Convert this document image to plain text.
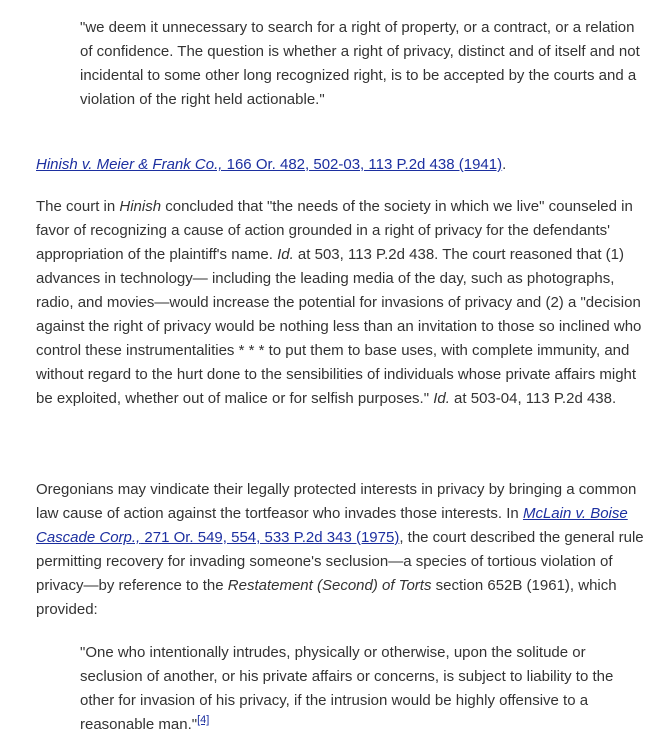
"we deem it unnecessary to search for a right of property, or a contract, or a relation of confidence. The question is whether a right of privacy, distinct and of itself and not incidental to some other long recognized right, is to be accepted by the courts and a violation of the right held actionable."

Hinish v. Meier & Frank Co., 166 Or. 482, 502-03, 113 P.2d 438 (1941).

The court in Hinish concluded that "the needs of the society in which we live" counseled in favor of recognizing a cause of action grounded in a right of privacy for the defendants' appropriation of the plaintiff's name. Id. at 503, 113 P.2d 438. The court reasoned that (1) advances in technology— including the leading media of the day, such as photographs, radio, and movies—would increase the potential for invasions of privacy and (2) a "decision against the right of privacy would be nothing less than an invitation to those so inclined who control these instrumentalities * * * to put them to base uses, with complete immunity, and without regard to the hurt done to the sensibilities of individuals whose private affairs might be exploited, whether out of malice or for selfish purposes." Id. at 503-04, 113 P.2d 438.

Oregonians may vindicate their legally protected interests in privacy by bringing a common law cause of action against the tortfeasor who invades those interests. In McLain v. Boise Cascade Corp., 271 Or. 549, 554, 533 P.2d 343 (1975), the court described the general rule permitting recovery for invading someone's seclusion—a species of tortious violation of privacy—by reference to the Restatement (Second) of Torts section 652B (1961), which provided:

"One who intentionally intrudes, physically or otherwise, upon the solitude or seclusion of another, or his private affairs or concerns, is subject to liability to the other for invasion of his privacy, if the intrusion would be highly offensive to a reasonable man."[4]
